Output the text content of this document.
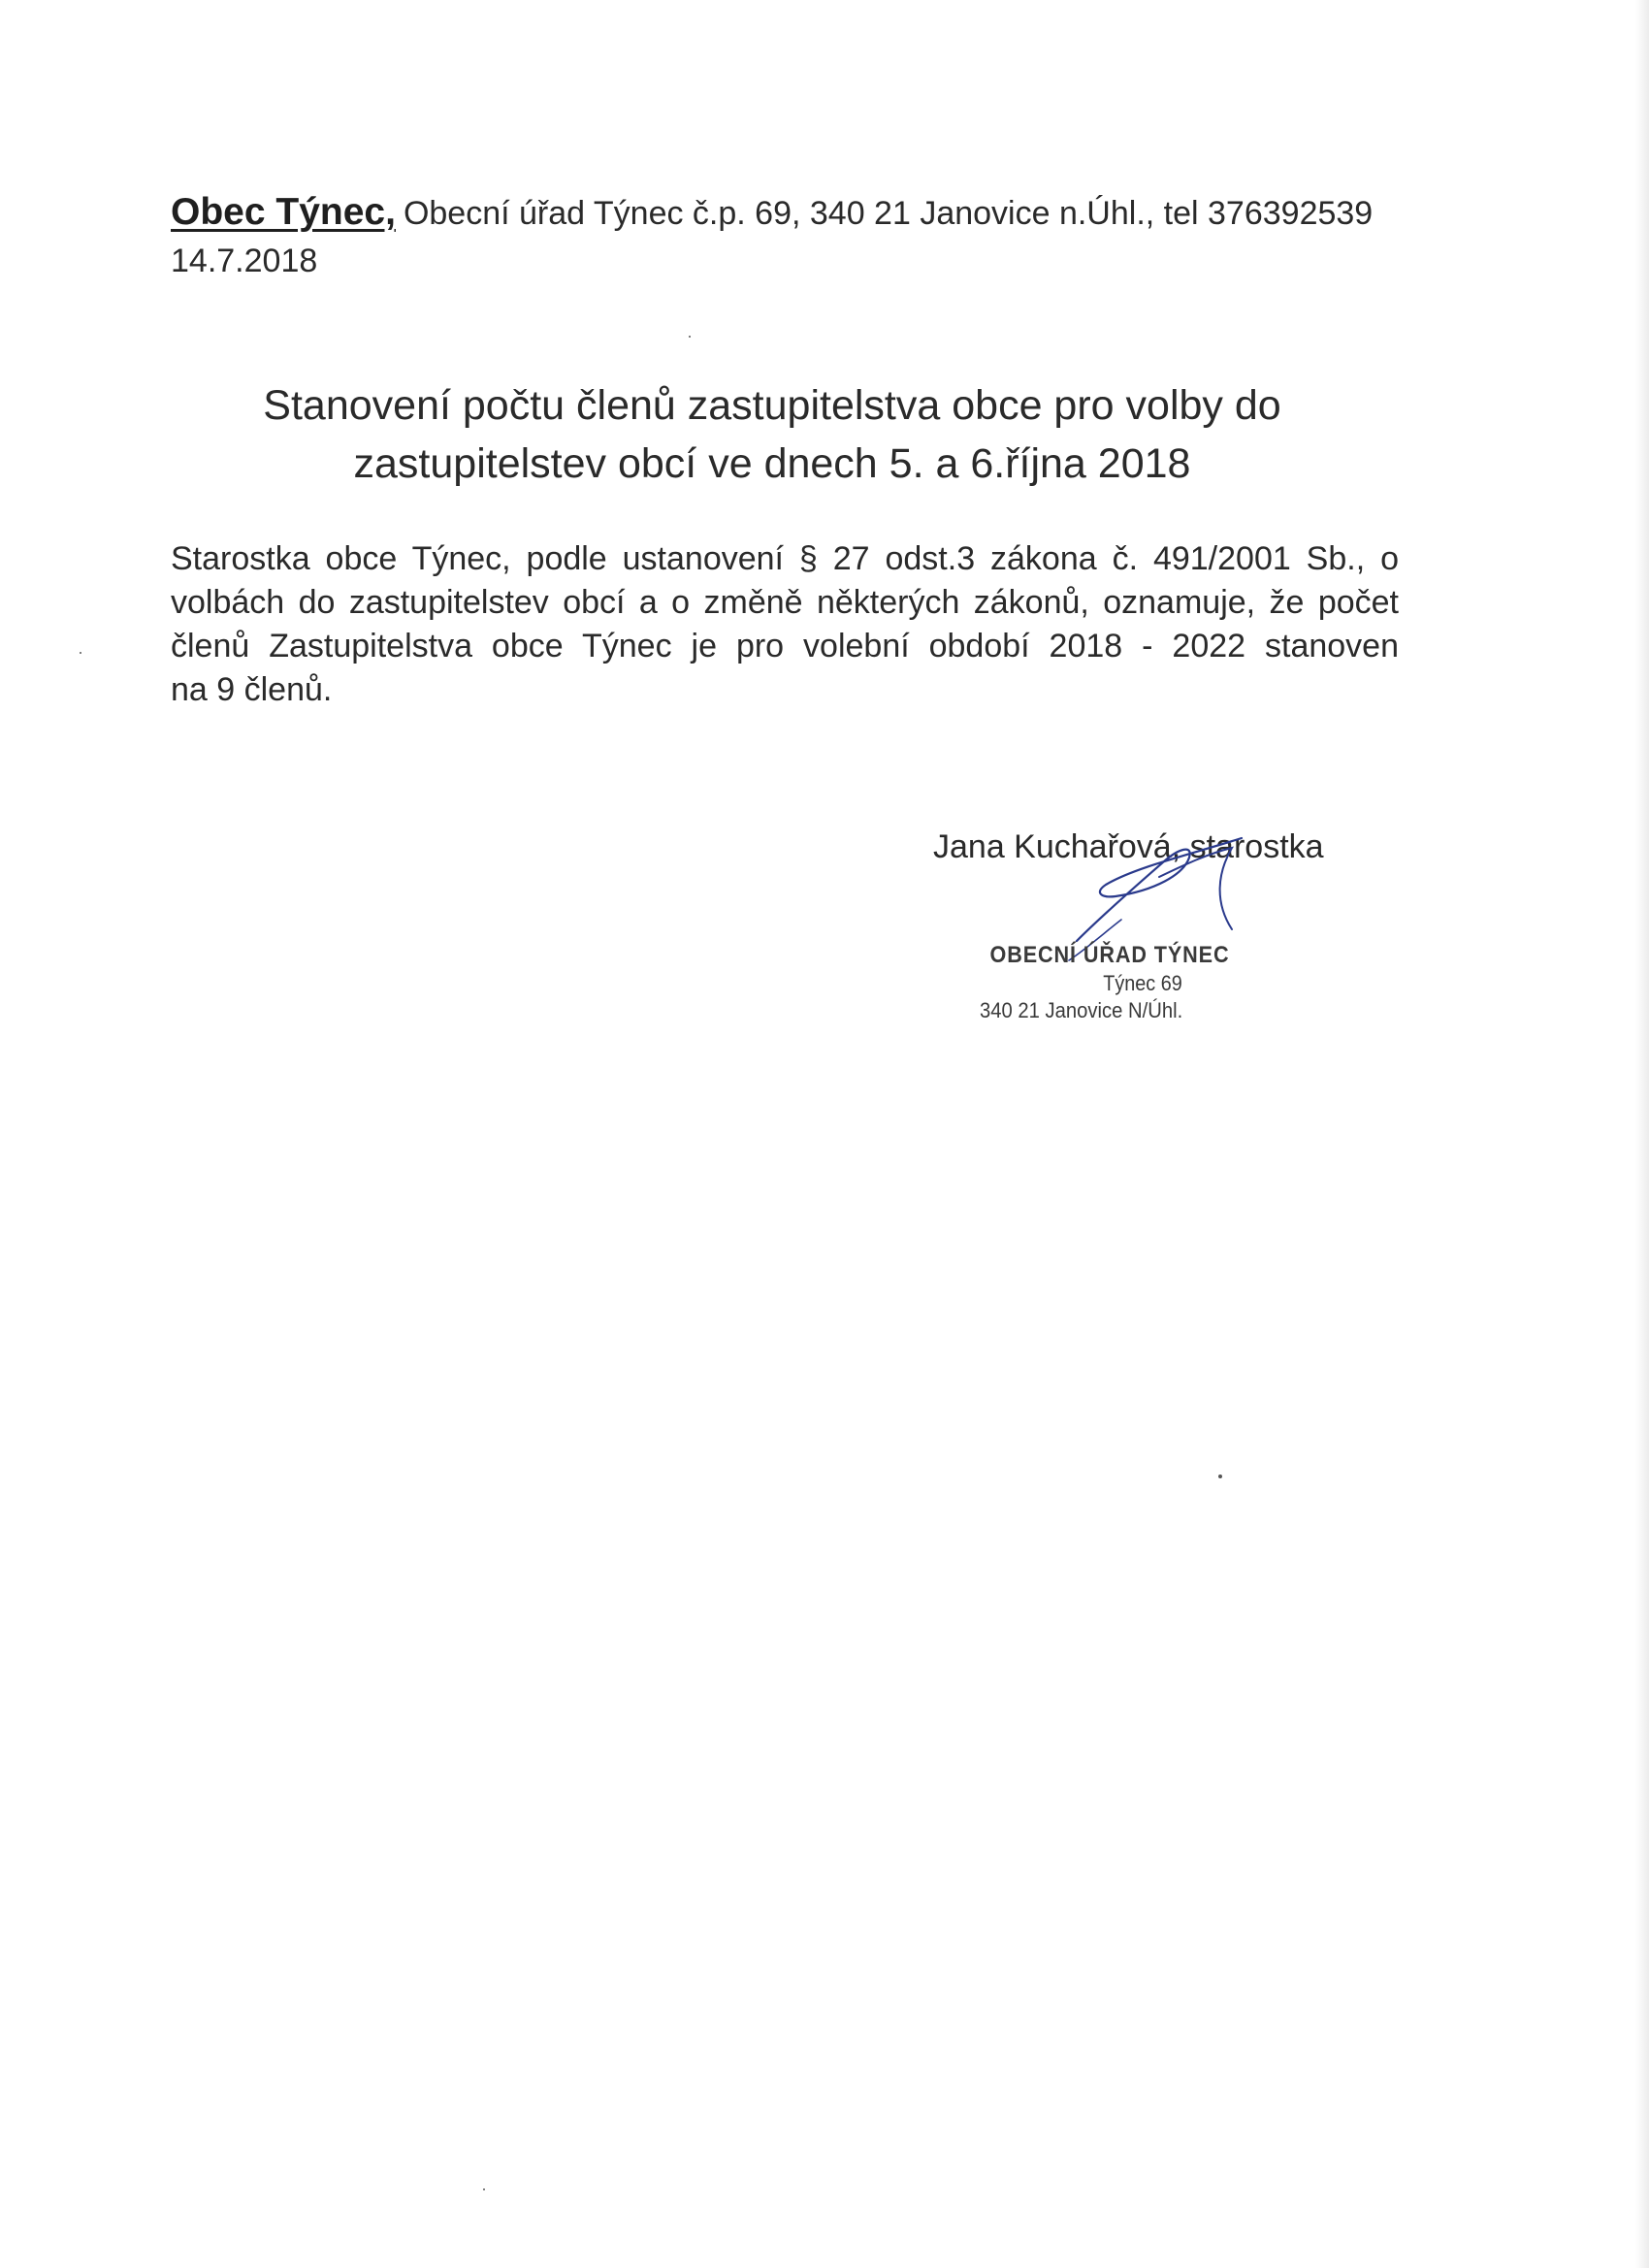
Obec Týnec, Obecní úřad Týnec č.p. 69, 340 21 Janovice n.Úhl., tel 376392539
14.7.2018
Stanovení počtu členů zastupitelstva obce pro volby do
zastupitelstev obcí ve dnech 5. a 6.října 2018
Starostka obce Týnec, podle ustanovení § 27 odst.3 zákona č. 491/2001 Sb., o
volbách do zastupitelstev obcí a o změně některých zákonů, oznamuje, že počet
členů Zastupitelstva obce Týnec je pro volební období 2018 - 2022 stanoven
na 9 členů.
Jana Kuchařová, starostka
OBECNÍ ÚŘAD TÝNEC
Týnec 69
340 21 Janovice N/Úhl.
